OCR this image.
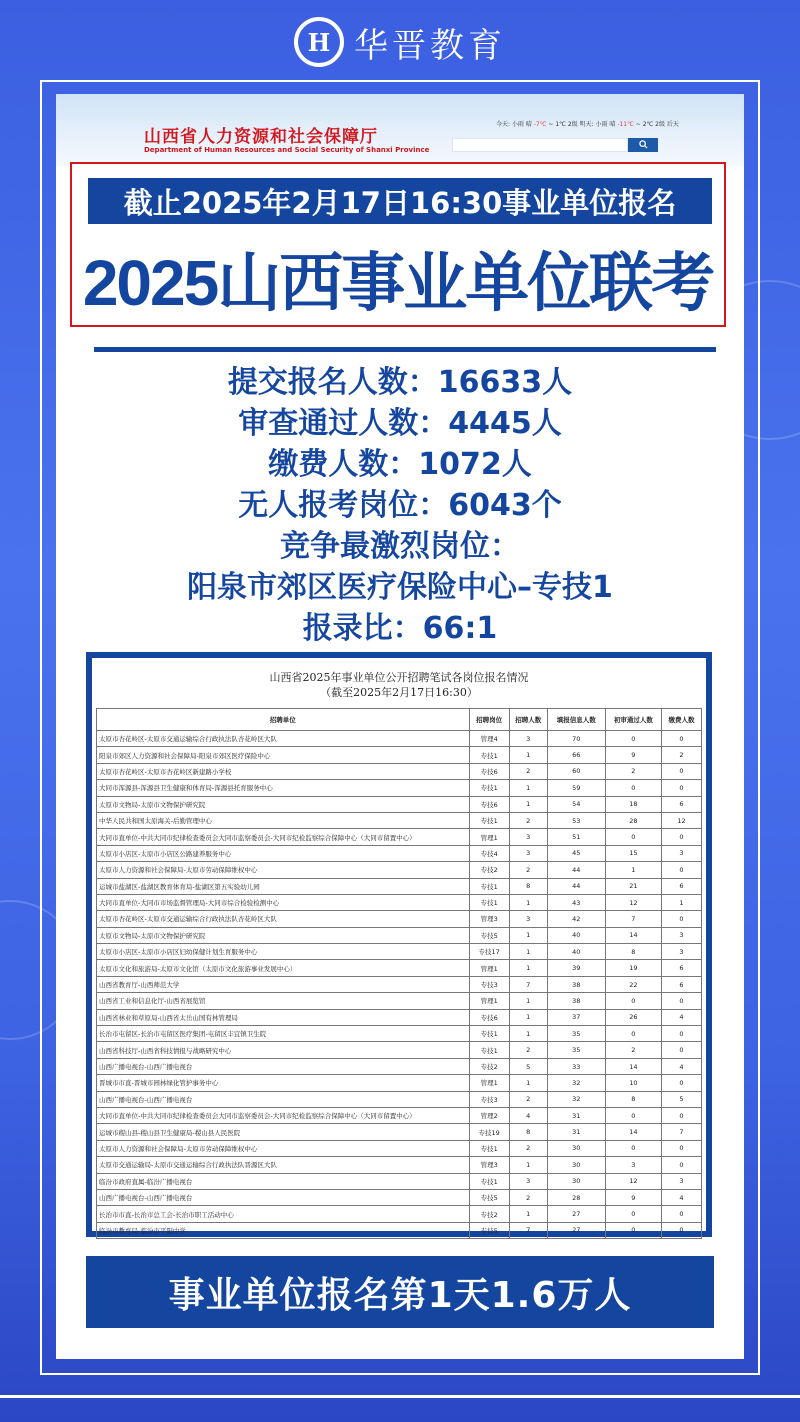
H 华晋教育
山西省人力资源和社会保障厅
Department of Human Resources and Social Security of Shanxi Province
今天: 小雨 晴 -7℃ ~ 1℃ 2级 明天: 小雨 晴 -11℃ ~ 2℃ 2级 后天
截止2025年2月17日16:30事业单位报名
2025山西事业单位联考
提交报名人数：16633人
审查通过人数：4445人
缴费人数：1072人
无人报考岗位：6043个
竞争最激烈岗位：
阳泉市郊区医疗保险中心–专技1
报录比：66:1
山西省2025年事业单位公开招聘笔试各岗位报名情况
（截至2025年2月17日16:30）
招聘单位	招聘岗位	招聘人数	填报信息人数	初审通过人数	缴费人数
太原市杏花岭区-太原市交通运输综合行政执法队杏花岭区大队	管理4	3	70	0	0
阳泉市郊区人力资源和社会保障局-阳泉市郊区医疗保险中心	专技1	1	66	9	2
太原市杏花岭区-太原市杏花岭区新建路小学校	专技6	2	60	2	0
大同市浑源县-浑源县卫生健康和体育局-浑源县托育服务中心	专技1	1	59	0	0
太原市文物局-太原市文物保护研究院	专技6	1	54	18	6
中华人民共和国太原海关-后勤管理中心	专技1	2	53	28	12
大同市直单位-中共大同市纪律检查委员会大同市监察委员会-大同市纪检监察综合保障中心（大同市留置中心）	管理1	3	51	0	0
太原市小店区-太原市小店区公路建养服务中心	专技4	3	45	15	3
太原市人力资源和社会保障局-太原市劳动保障维权中心	专技2	2	44	1	0
运城市盐湖区-盐湖区教育体育局-盐湖区第五实验幼儿园	专技1	8	44	21	6
大同市直单位-大同市市场监督管理局-大同市综合检验检测中心	专技1	1	43	12	1
太原市杏花岭区-太原市交通运输综合行政执法队杏花岭区大队	管理3	3	42	7	0
太原市文物局-太原市文物保护研究院	专技5	1	40	14	3
太原市小店区-太原市小店区妇幼保健计划生育服务中心	专技17	1	40	8	3
太原市文化和旅游局-太原市文化馆（太原市文化旅游事业发展中心）	管理1	1	39	19	6
山西省教育厅-山西师范大学	专技3	7	38	22	6
山西省工业和信息化厅-山西省展览馆	管理1	1	38	0	0
山西省林业和草原局-山西省太岳山国有林管理局	专技6	1	37	26	4
长治市屯留区-长治市屯留区医疗集团-屯留区丰宜镇卫生院	专技1	1	35	0	0
山西省科技厅-山西省科技情报与战略研究中心	专技1	2	35	2	0
山西广播电视台-山西广播电视台	专技2	5	33	14	4
晋城市市直-晋城市园林绿化管护事务中心	管理1	1	32	10	0
山西广播电视台-山西广播电视台	专技3	2	32	8	5
大同市直单位-中共大同市纪律检查委员会大同市监察委员会-大同市纪检监察综合保障中心（大同市留置中心）	管理2	4	31	0	0
运城市稷山县-稷山县卫生健康局-稷山县人民医院	专技19	8	31	14	7
太原市人力资源和社会保障局-太原市劳动保障维权中心	专技1	2	30	0	0
太原市交通运输局-太原市交通运输综合行政执法队晋源区大队	管理3	1	30	3	0
临汾市政府直属-临汾广播电视台	专技1	3	30	12	3
山西广播电视台-山西广播电视台	专技5	2	28	9	4
长治市市直-长治市总工会-长治市职工活动中心	专技2	1	27	0	0
临汾市教育局-临汾市平阳中学	专技5	7	27	0	0
事业单位报名第1天1.6万人
